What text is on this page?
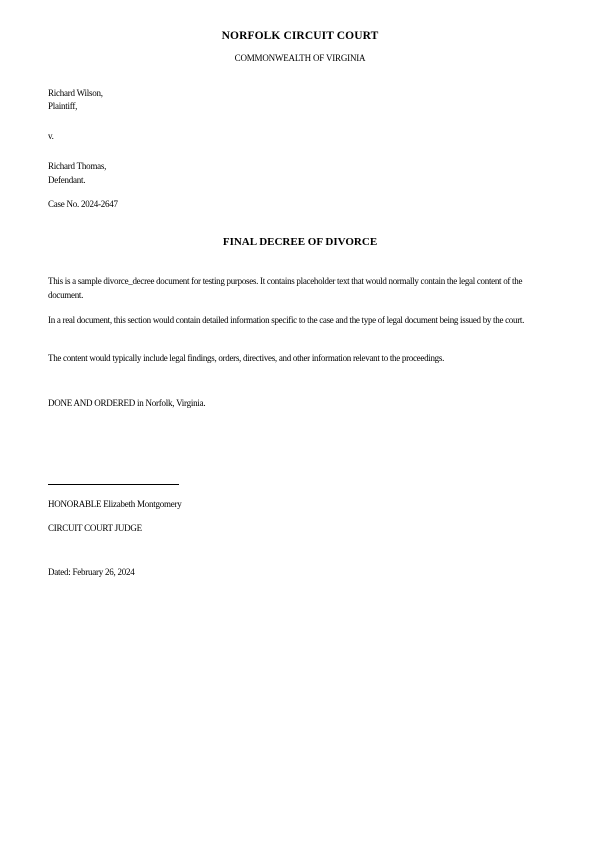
NORFOLK CIRCUIT COURT
COMMONWEALTH OF VIRGINIA
Richard Wilson,
Plaintiff,
v.
Richard Thomas,
Defendant.
Case No. 2024-2647
FINAL DECREE OF DIVORCE
This is a sample divorce_decree document for testing purposes. It contains placeholder text that would normally contain the legal content of the document.
In a real document, this section would contain detailed information specific to the case and the type of legal document being issued by the court.
The content would typically include legal findings, orders, directives, and other information relevant to the proceedings.
DONE AND ORDERED in Norfolk, Virginia.
HONORABLE Elizabeth Montgomery
CIRCUIT COURT JUDGE
Dated: February 26, 2024
